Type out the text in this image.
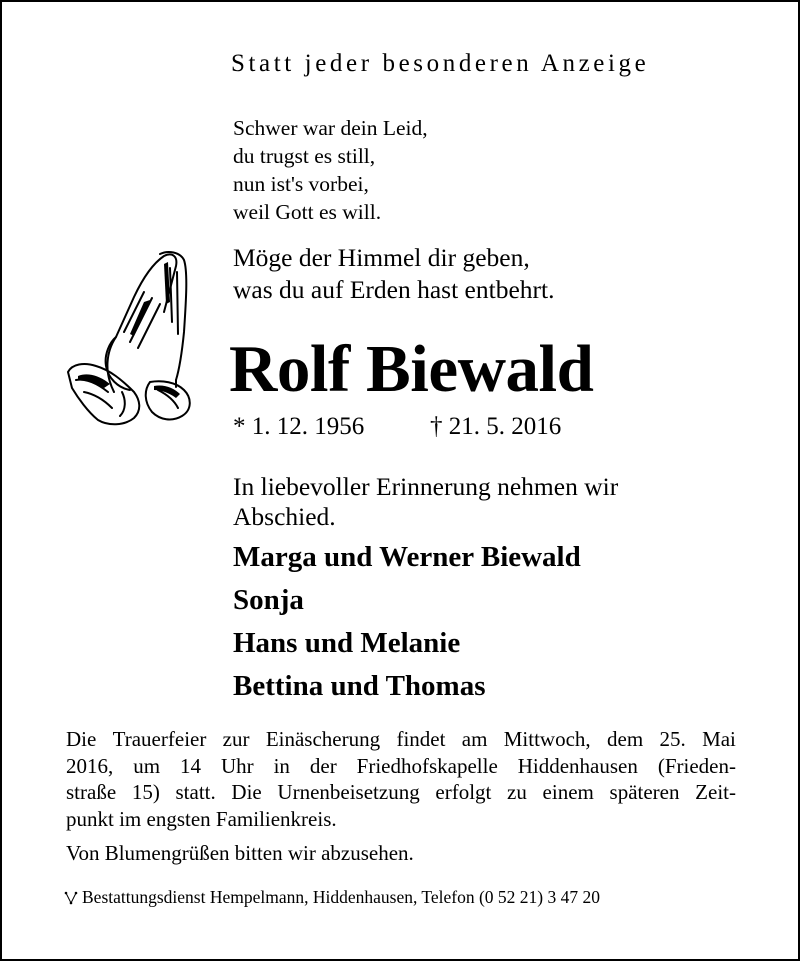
Statt jeder besonderen Anzeige

Schwer war dein Leid,
du trugst es still,
nun ist's vorbei,
weil Gott es will.
Möge der Himmel dir geben,
was du auf Erden hast entbehrt.

Rolf Biewald

* 1. 12. 1956	† 21. 5. 2016

In liebevoller Erinnerung nehmen wir
Abschied.
Marga und Werner Biewald
Sonja
Hans und Melanie
Bettina und Thomas
Die Trauerfeier zur Einäscherung findet am Mittwoch, dem 25. Mai
2016, um 14 Uhr in der Friedhofskapelle Hiddenhausen (Frieden-
straße 15) statt. Die Urnenbeisetzung erfolgt zu einem späteren Zeit-
punkt im engsten Familienkreis.

Von Blumengrüßen bitten wir abzusehen.

Bestattungsdienst Hempelmann, Hiddenhausen, Telefon (0 52 21) 3 47 20
